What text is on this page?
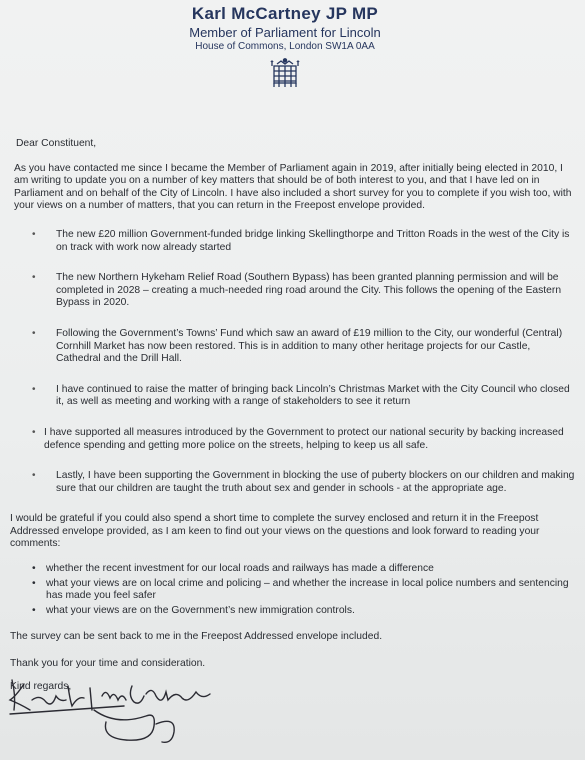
Karl McCartney JP MP
Member of Parliament for Lincoln
House of Commons, London SW1A 0AA
Dear Constituent,
As you have contacted me since I became the Member of Parliament again in 2019, after initially being elected in 2010, I am writing to update you on a number of key matters that should be of both interest to you, and that I have led on in Parliament and on behalf of the City of Lincoln. I have also included a short survey for you to complete if you wish too, with your views on a number of matters, that you can return in the Freepost envelope provided.
• The new £20 million Government-funded bridge linking Skellingthorpe and Tritton Roads in the west of the City is on track with work now already started
• The new Northern Hykeham Relief Road (Southern Bypass) has been granted planning permission and will be completed in 2028 – creating a much-needed ring road around the City. This follows the opening of the Eastern Bypass in 2020.
• Following the Government’s Towns’ Fund which saw an award of £19 million to the City, our wonderful (Central) Cornhill Market has now been restored. This is in addition to many other heritage projects for our Castle, Cathedral and the Drill Hall.
• I have continued to raise the matter of bringing back Lincoln’s Christmas Market with the City Council who closed it, as well as meeting and working with a range of stakeholders to see it return
• I have supported all measures introduced by the Government to protect our national security by backing increased defence spending and getting more police on the streets, helping to keep us all safe.
• Lastly, I have been supporting the Government in blocking the use of puberty blockers on our children and making sure that our children are taught the truth about sex and gender in schools - at the appropriate age.
I would be grateful if you could also spend a short time to complete the survey enclosed and return it in the Freepost Addressed envelope provided, as I am keen to find out your views on the questions and look forward to reading your comments:
• whether the recent investment for our local roads and railways has made a difference
• what your views are on local crime and policing – and whether the increase in local police numbers and sentencing has made you feel safer
• what your views are on the Government’s new immigration controls.
The survey can be sent back to me in the Freepost Addressed envelope included.
Thank you for your time and consideration.
Kind regards,
